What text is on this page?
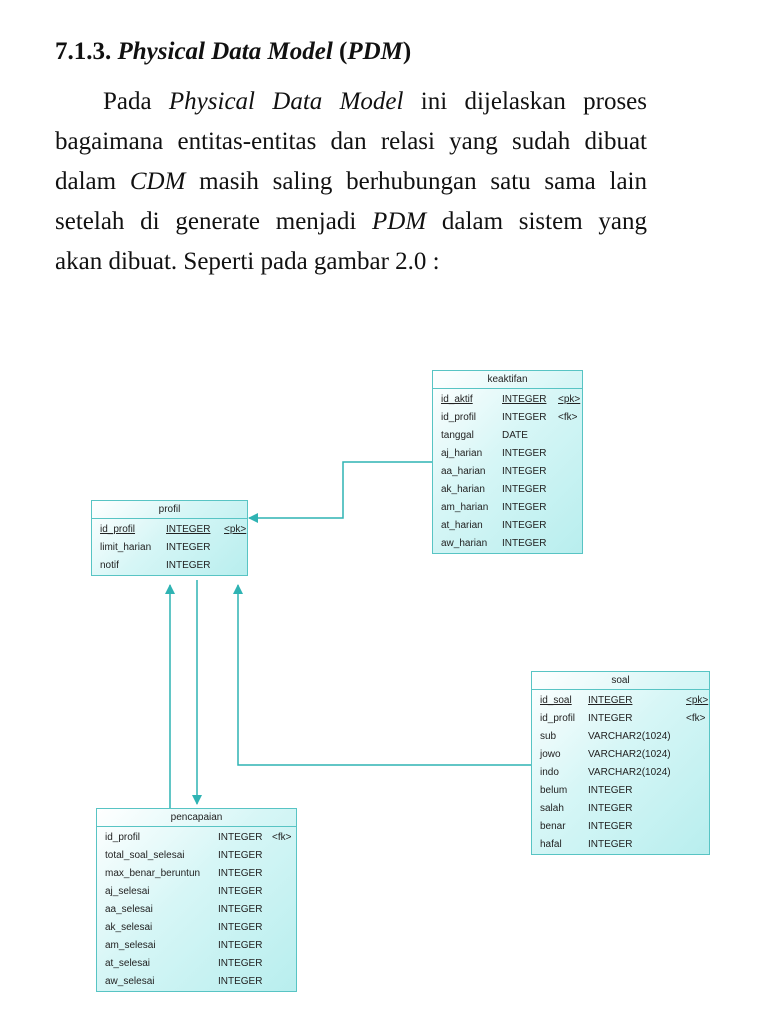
7.1.3. Physical Data Model (PDM)
Pada Physical Data Model ini dijelaskan proses
bagaimana entitas-entitas dan relasi yang sudah dibuat
dalam CDM masih saling berhubungan satu sama lain
setelah di generate menjadi PDM dalam sistem yang
akan dibuat. Seperti pada gambar 2.0 :
keaktifan
id_aktif	INTEGER <pk>
id_profil	INTEGER <fk>
tanggal	DATE
aj_harian INTEGER
aa_harian INTEGER
ak_harian INTEGER
am_harian INTEGER
at_harian INTEGER
aw_harian INTEGER
profil
id_profil	INTEGER <pk>
limit_harian INTEGER
notif	INTEGER
soal
id_soal INTEGER	<pk>
id_profil INTEGER	<fk>
sub	VARCHAR2(1024)
jowo	VARCHAR2(1024)
indo	VARCHAR2(1024)
belum INTEGER
salah INTEGER
benar INTEGER
hafal	INTEGER
pencapaian
id_profil	INTEGER <fk>
total_soal_selesai	INTEGER
max_benar_beruntun INTEGER
aj_selesai	INTEGER
aa_selesai	INTEGER
ak_selesai	INTEGER
am_selesai	INTEGER
at_selesai	INTEGER
aw_selesai	INTEGER
